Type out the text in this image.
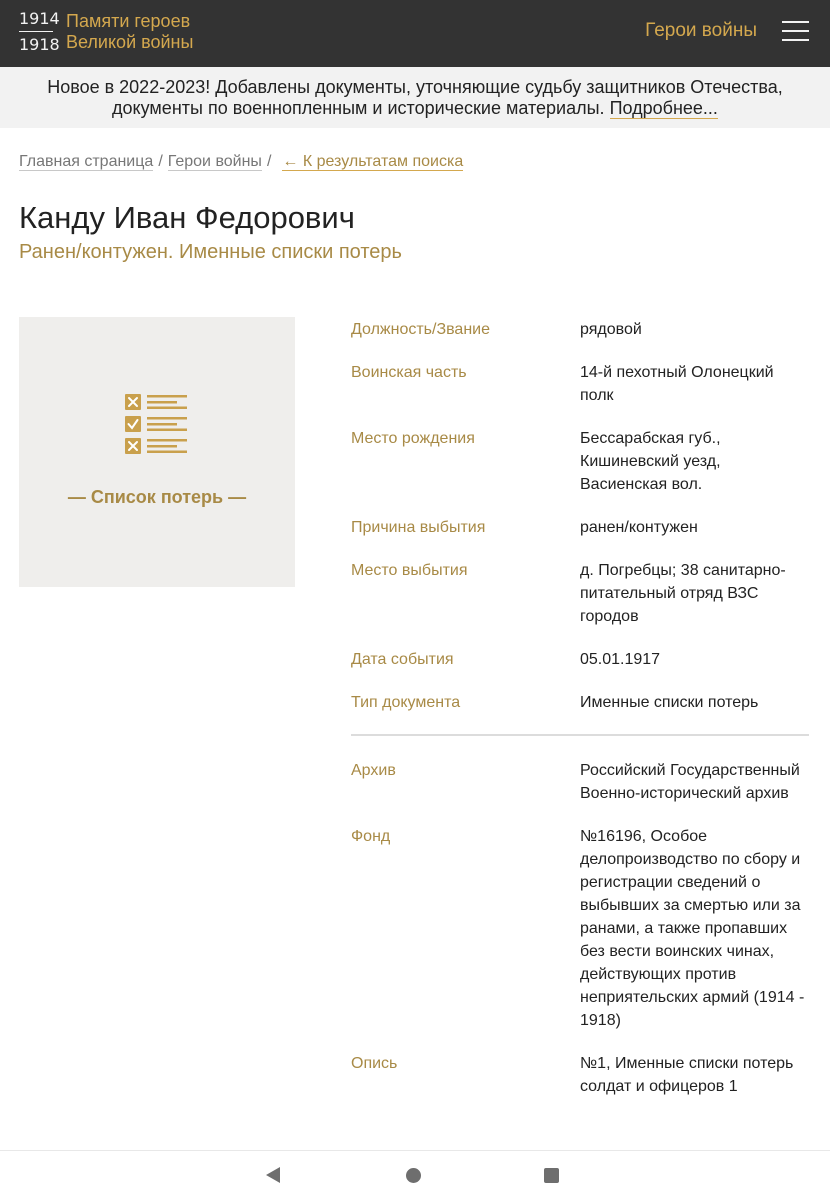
1914
1918
Памяти героев
Великой войны
Герои войны
Новое в 2022-2023! Добавлены документы, уточняющие судьбу защитников Отечества, документы по военнопленным и исторические материалы. Подробнее...
Главная страница / Герои войны / ← К результатам поиска
Канду Иван Федорович
Ранен/контужен. Именные списки потерь
— Список потерь —
Должность/Звание	рядовой
Воинская часть	14-й пехотный Олонецкий полк
Место рождения	Бессарабская губ., Кишиневский уезд, Васиенская вол.
Причина выбытия	ранен/контужен
Место выбытия	д. Погребцы; 38 санитарно-питательный отряд ВЗС городов
Дата события	05.01.1917
Тип документа	Именные списки потерь
Архив	Российский Государственный Военно-исторический архив
Фонд	№16196, Особое делопроизводство по сбору и регистрации сведений о выбывших за смертью или за ранами, а также пропавших без вести воинских чинах, действующих против неприятельских армий (1914 - 1918)
Опись	№1, Именные списки потерь солдат и офицеров 1
